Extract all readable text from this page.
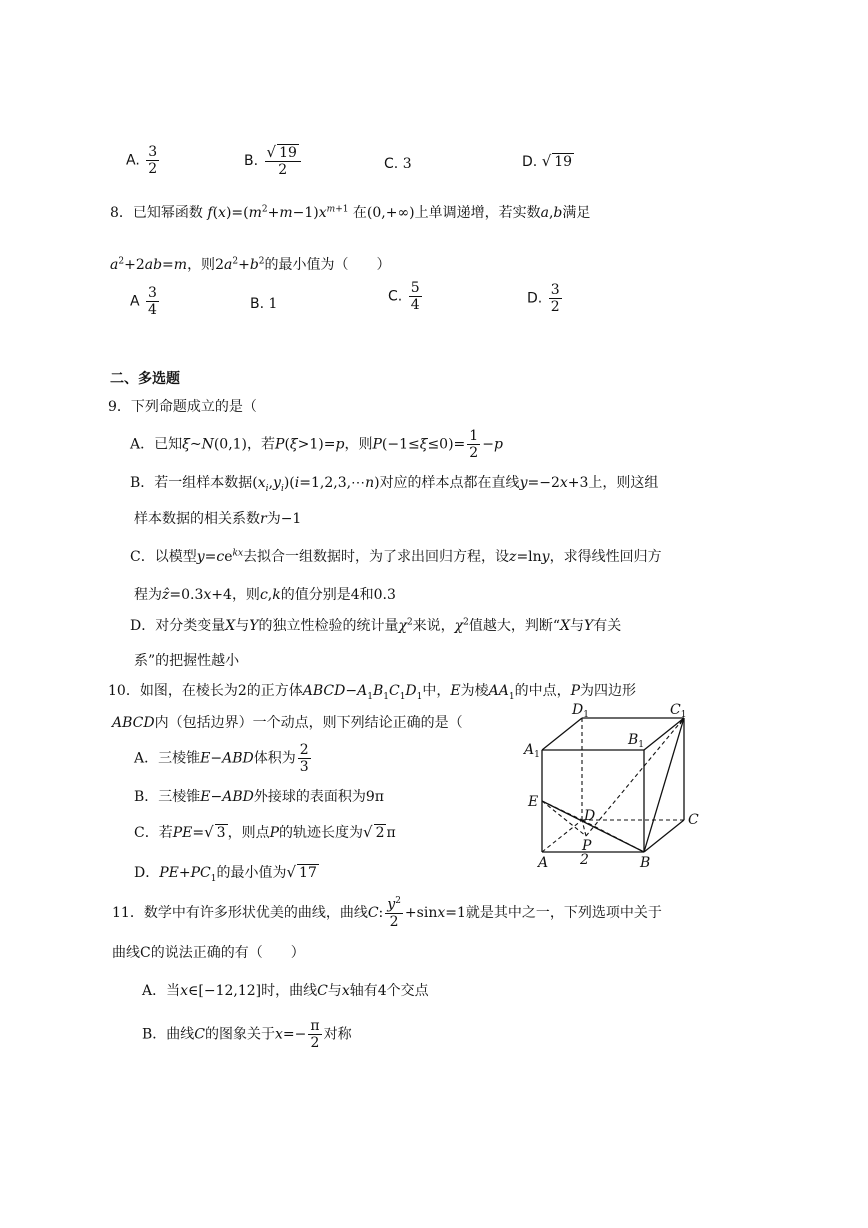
A. $\frac{3}{2}$	B. $\frac{√ 19}{2}$	C. 3	D. √ 19
8．已知幂函数 $f(x)=(m^2+m-1)x^{m+1}$ 在(0,+∞)上单调递增，若实数a,b满足
$a^2+2ab=m$，则$2a^2+b^2$的最小值为（　　）
A $\frac{3}{4}$	B. 1	C. $\frac{5}{4}$	D. $\frac{3}{2}$
二、多选题
9．下列命题成立的是（
A．已知ξ~N(0,1)，若P(ξ>1)=p，则$P(-1\le\xi\le 0)= \frac{1}{2} -p$
B．若一组样本数据$(x_i,y_i)(i=1,2,3,\cdots n)$对应的样本点都在直线y=−2x+3上，则这组
样本数据的相关系数r为−1
C．以模型$y=ce^{kx}$去拟合一组数据时，为了求出回归方程，设z=lny，求得线性回归方
程为ẑ=0.3x+4，则c,k的值分别是4和0.3
D．对分类变量X与Y的独立性检验的统计量$\chi^2$来说，$\chi^2$值越大，判断“X与Y有关
系”的把握性越小
10．如图，在棱长为2的正方体$ABCD-A_1B_1C_1D_1$中，E为棱$AA_1$的中点，P为四边形
ABCD内（包括边界）一个动点，则下列结论正确的是（
A．三棱锥E−ABD体积为 $\frac{2}{3}$
B．三棱锥E−ABD外接球的表面积为9π
C．若PE=√ 3 ，则点P的轨迹长度为√ 2 π
D．$PE+PC_1$的最小值为√ 17
$D_1$	$C_1$
$A_1$
$B_1$
E
D	C
P
A	B
2
11．数学中有许多形状优美的曲线，曲线C: $\frac{y^2}{2} +\sin x=1$就是其中之一，下列选项中关于
曲线C的说法正确的有（　　）
A．当x∈[−12,12]时，曲线C与x轴有4个交点
B．曲线C的图象关于$x=- \frac{\pi}{2}$ 对称
